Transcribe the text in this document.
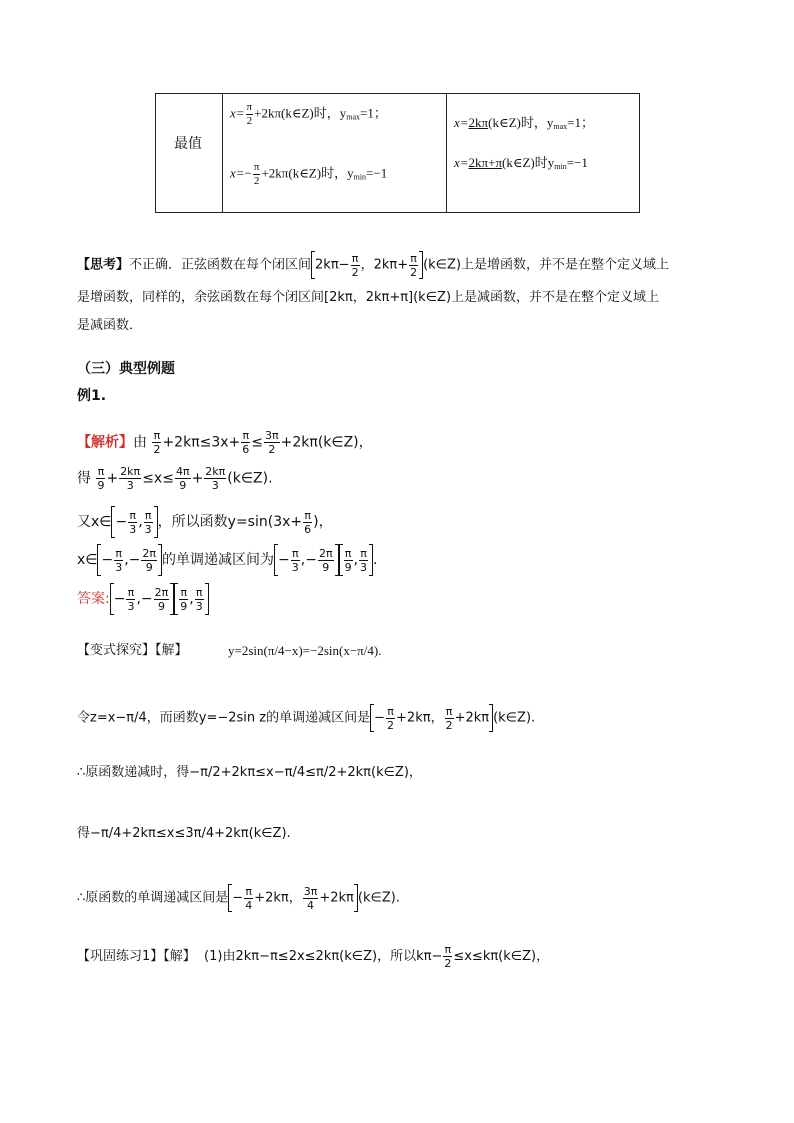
最值
$x= \frac{\pi}{2}$ +2kπ(k∈Z)时，$y_{max}=1$；
$x=- \frac{\pi}{2}$ +2kπ(k∈Z)时，$y_{min}=-1$
x=2kπ(k∈Z)时，$y_{max}=1$；
x=2kπ+π(k∈Z)时$y_{min}=-1$
【思考】不正确．正弦函数在每个闭区间 $2k\pi- \frac{\pi}{2}$ ，$2k\pi+ \frac{\pi}{2}$ (k∈Z)上是增函数，并不是在整个定义域上
是增函数，同样的，余弦函数在每个闭区间[2kπ，2kπ+π](k∈Z)上是减函数，并不是在整个定义域上
是减函数．
（三）典型例题
例1.
【解析】由 $\frac{\pi}{2} +2k\pi\le 3x+ \frac{\pi}{6} \le \frac{3\pi}{2}$ +2kπ(k∈Z)，
得 $\frac{\pi}{9} + \frac{2k\pi}{3} \le x\le \frac{4\pi}{9} + \frac{2k\pi}{3}$ (k∈Z).
又x∈ − $\frac{\pi}{3}$ , $\frac{\pi}{3}$ ，所以函数$y=\sin(3x+ \frac{\pi}{6}$ )，
x∈ − $\frac{\pi}{3}$ ,− $\frac{2\pi}{9}$ 的单调递减区间为 − $\frac{\pi}{3}$ ,− $\frac{2\pi}{9} \frac{\pi}{9}$ , $\frac{\pi}{3}$ .
答案: − $\frac{\pi}{3}$ ,− $\frac{2\pi}{9} \frac{\pi}{9}$ , $\frac{\pi}{3}$
【变式探究】【解】	y=2sin(π/4−x)=−2sin(x−π/4).
令z=x−π/4，而函数y=−2sin z的单调递减区间是 − $\frac{\pi}{2} +2k\pi$， $\frac{\pi}{2} +2k\pi$ (k∈Z).
∴原函数递减时，得−π/2+2kπ≤x−π/4≤π/2+2kπ(k∈Z)，
得−π/4+2kπ≤x≤3π/4+2kπ(k∈Z).
∴原函数的单调递减区间是 − $\frac{\pi}{4} +2k\pi$， $\frac{3\pi}{4} +2k\pi$ (k∈Z).
【巩固练习1】【解】 (1)由2kπ−π≤2x≤2kπ(k∈Z)，所以$k\pi- \frac{\pi}{2}$ ≤x≤kπ(k∈Z)，
